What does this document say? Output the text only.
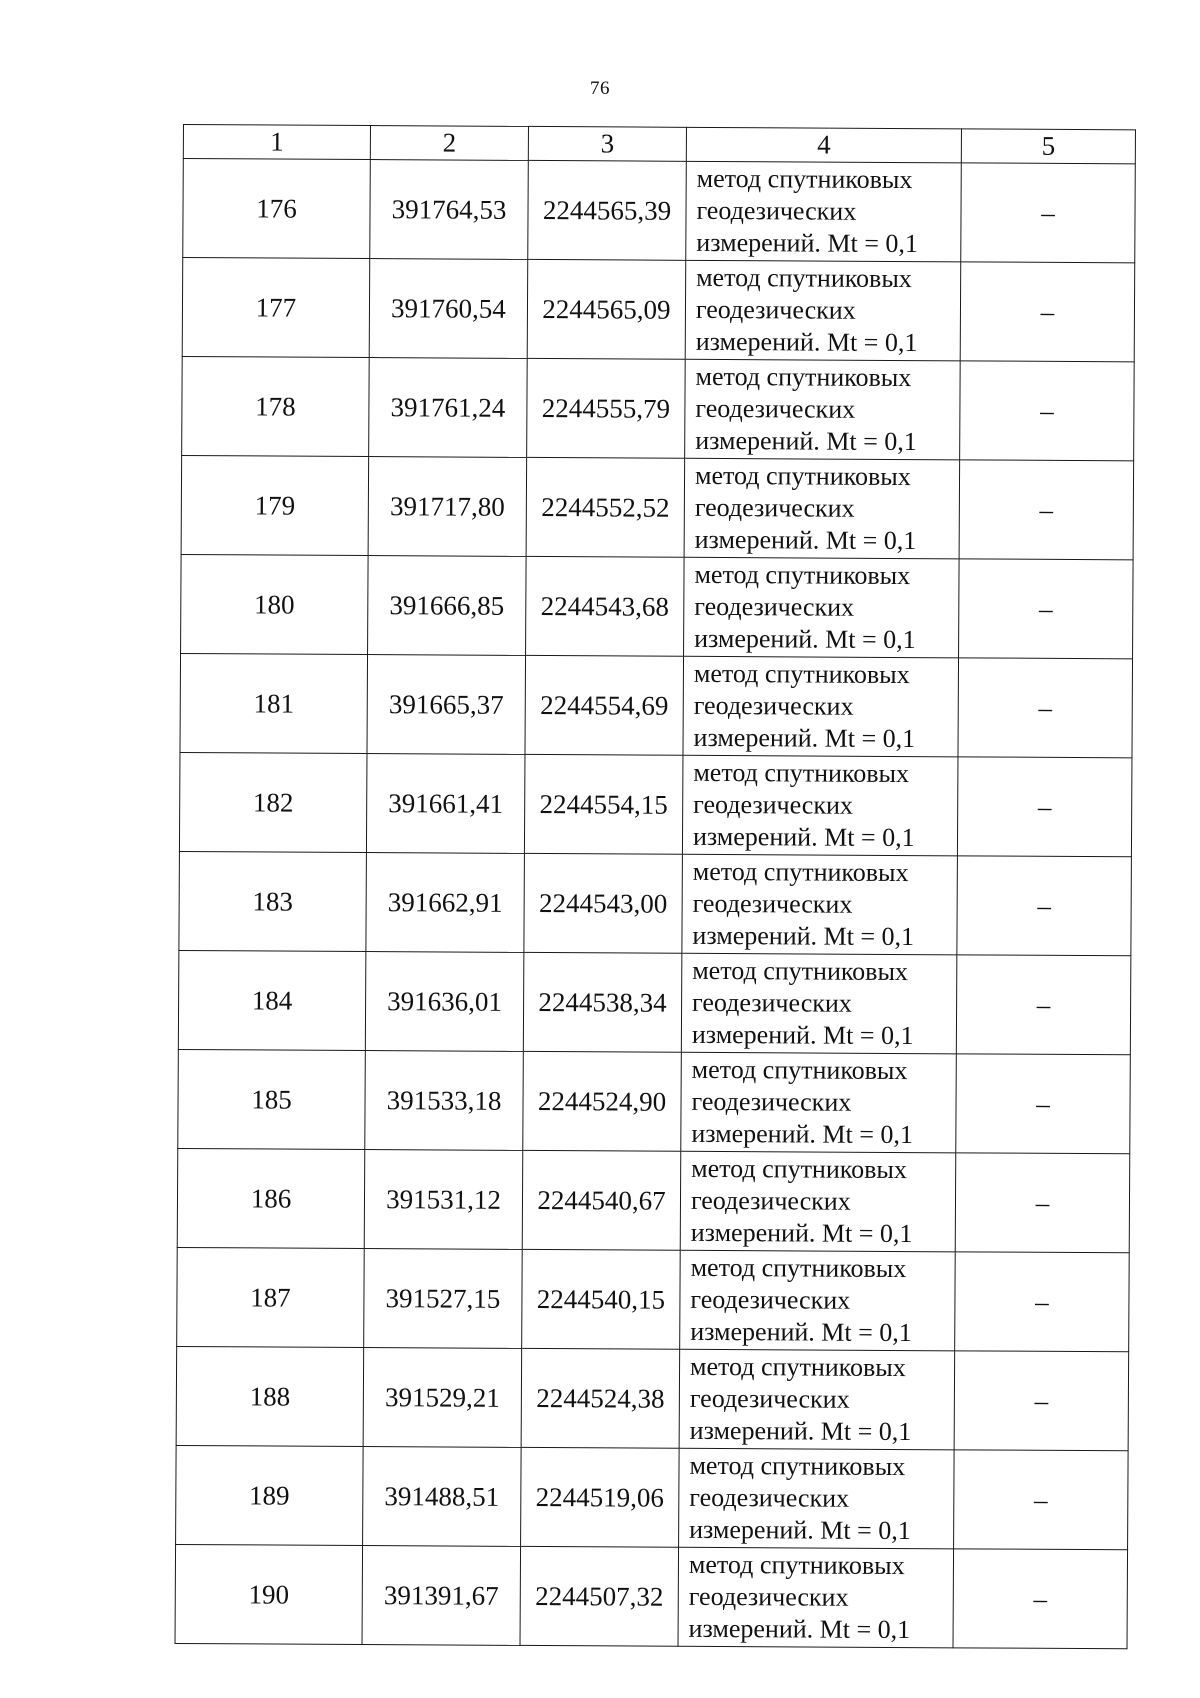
76
1	2	3	4	5
176	391764,53	2244565,39	метод спутниковых
геодезических
измерений. Mt = 0,1	–
177	391760,54	2244565,09	метод спутниковых
геодезических
измерений. Mt = 0,1	–
178	391761,24	2244555,79	метод спутниковых
геодезических
измерений. Mt = 0,1	–
179	391717,80	2244552,52	метод спутниковых
геодезических
измерений. Mt = 0,1	–
180	391666,85	2244543,68	метод спутниковых
геодезических
измерений. Mt = 0,1	–
181	391665,37	2244554,69	метод спутниковых
геодезических
измерений. Mt = 0,1	–
182	391661,41	2244554,15	метод спутниковых
геодезических
измерений. Mt = 0,1	–
183	391662,91	2244543,00	метод спутниковых
геодезических
измерений. Mt = 0,1	–
184	391636,01	2244538,34	метод спутниковых
геодезических
измерений. Mt = 0,1	–
185	391533,18	2244524,90	метод спутниковых
геодезических
измерений. Mt = 0,1	–
186	391531,12	2244540,67	метод спутниковых
геодезических
измерений. Mt = 0,1	–
187	391527,15	2244540,15	метод спутниковых
геодезических
измерений. Mt = 0,1	–
188	391529,21	2244524,38	метод спутниковых
геодезических
измерений. Mt = 0,1	–
189	391488,51	2244519,06	метод спутниковых
геодезических
измерений. Mt = 0,1	–
190	391391,67	2244507,32	метод спутниковых
геодезических
измерений. Mt = 0,1	–
